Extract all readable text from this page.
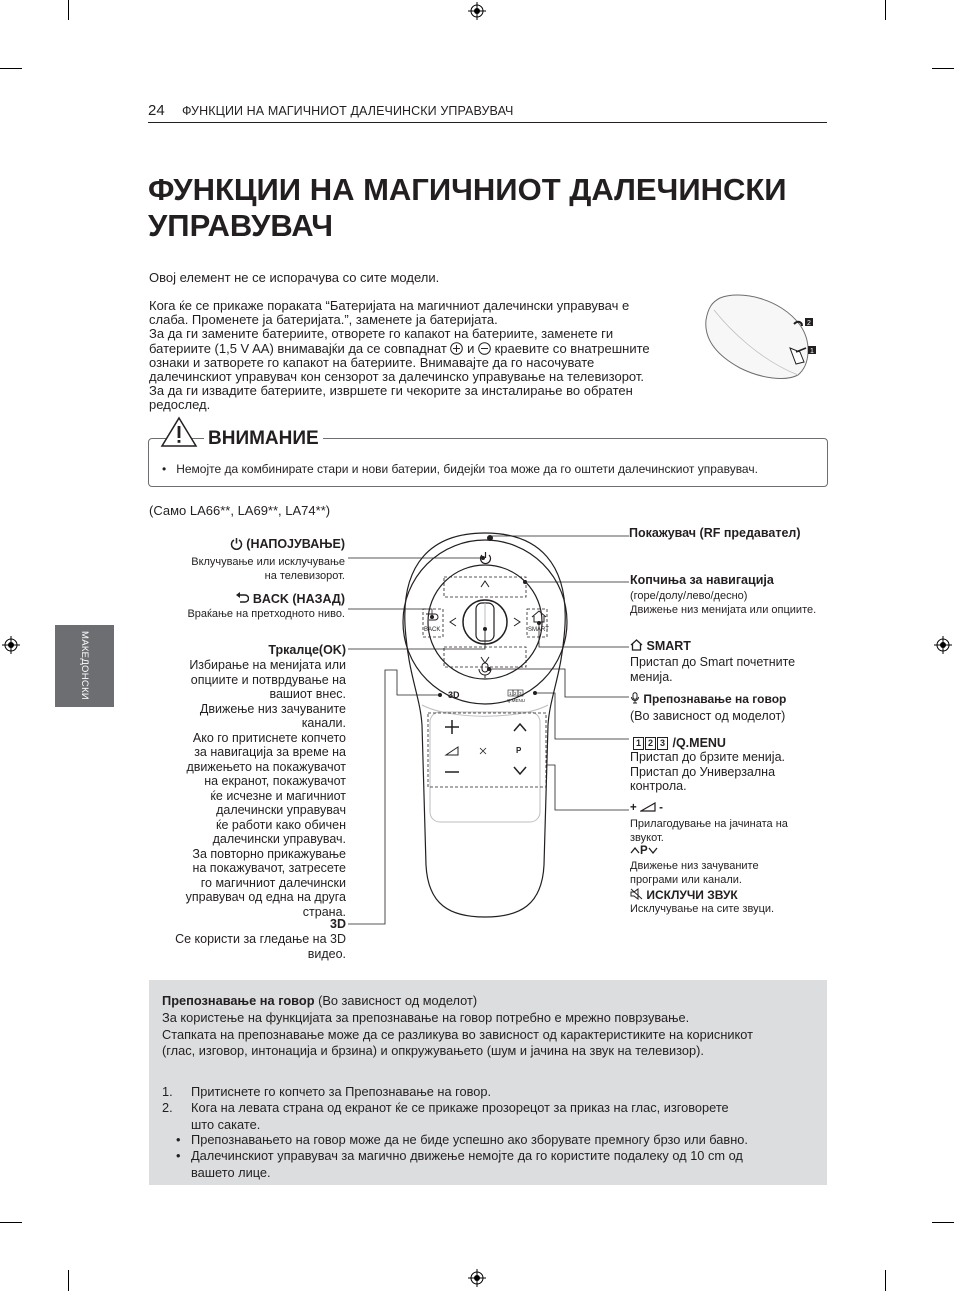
24 ФУНКЦИИ НА МАГИЧНИОТ ДАЛЕЧИНСКИ УПРАВУВАЧ
МАКЕДОНСКИ
ФУНКЦИИ НА МАГИЧНИОТ ДАЛЕЧИНСКИ
УПРАВУВАЧ
Овој елемент не се испорачува со сите модели.
Кога ќе се прикаже пораката “Батеријата на магичниот далечински управувач е
слаба. Променете ја батеријата.”, заменете ја батеријата.
За да ги замените батериите, отворете го капакот на батериите, заменете ги
батериите (1,5 V AA) внимавајќи да се совпаднат и краевите со внатрешните
ознаки и затворете го капакот на батериите. Внимавајте да го насочувате
далечинскиот управувач кон сензорот за далечинско управување на телевизорот.
За да ги извадите батериите, извршете ги чекорите за инсталирање во обратен
редослед.
2
1
ВНИМАНИЕ
•   Немојте да комбинирате стари и нови батерии, бидејќи тоа може да го оштети далечинскиот управувач.
(Само LA66**, LA69**, LA74**)
(НАПОЈУВАЊЕ)
Вклучување или исклучување
на телевизорот.
BACK (НАЗАД)
Враќање на претходното ниво.
Тркалце(OK)
Избирање на менијата или
опциите и потврдување на
вашиот внес.
Движење низ зачуваните
канали.
Ако го притиснете копчето
за навигација за време на
движењето на покажувачот
на екранот, покажувачот
ќе исчезне и магичниот
далечински управувач
ќе работи како обичен
далечински управувач.
За повторно прикажување
на покажувачот, затресете
го магичниот далечински
управувач од една на друга
страна.
3D
Се користи за гледање на 3D
видео.
Покажувач (RF предавател)
Копчиња за навигација
(горе/долу/лево/десно)
Движење низ менијата или опциите.
SMART
Пристап до Smart почетните
менија.
Препознавање на говор
(Во зависност од моделот)
1 2 3 /Q.MENU
Пристап до брзите менија.
Пристап до Универзална
контрола.
+ -
Прилагодување на јачината на
звукот.
P
Движење низ зачуваните
програми или канали.
ИСКЛУЧИ ЗВУК
Исклучување на сите звуци.
BACK	SMART
3D	1 2 3
Q.MENU
P
Препознавање на говор (Во зависност од моделот)
За користење на функцијата за препознавање на говор потребно е мрежно поврзување.
Стапката на препознавање може да се разликува во зависност од карактеристиките на корисникот
(глас, изговор, интонација и брзина) и опкружувањето (шум и јачина на звук на телевизор).
1. Притиснете го копчето за Препознавање на говор.
2. Кога на левата страна од екранот ќе се прикаже прозорецот за приказ на глас, изговорете
што сакате.
• Препознавањето на говор може да не биде успешно ако зборувате премногу брзо или бавно.
• Далечинскиот управувач за магично движење немојте да го користите подалеку од 10 cm од
вашето лице.
